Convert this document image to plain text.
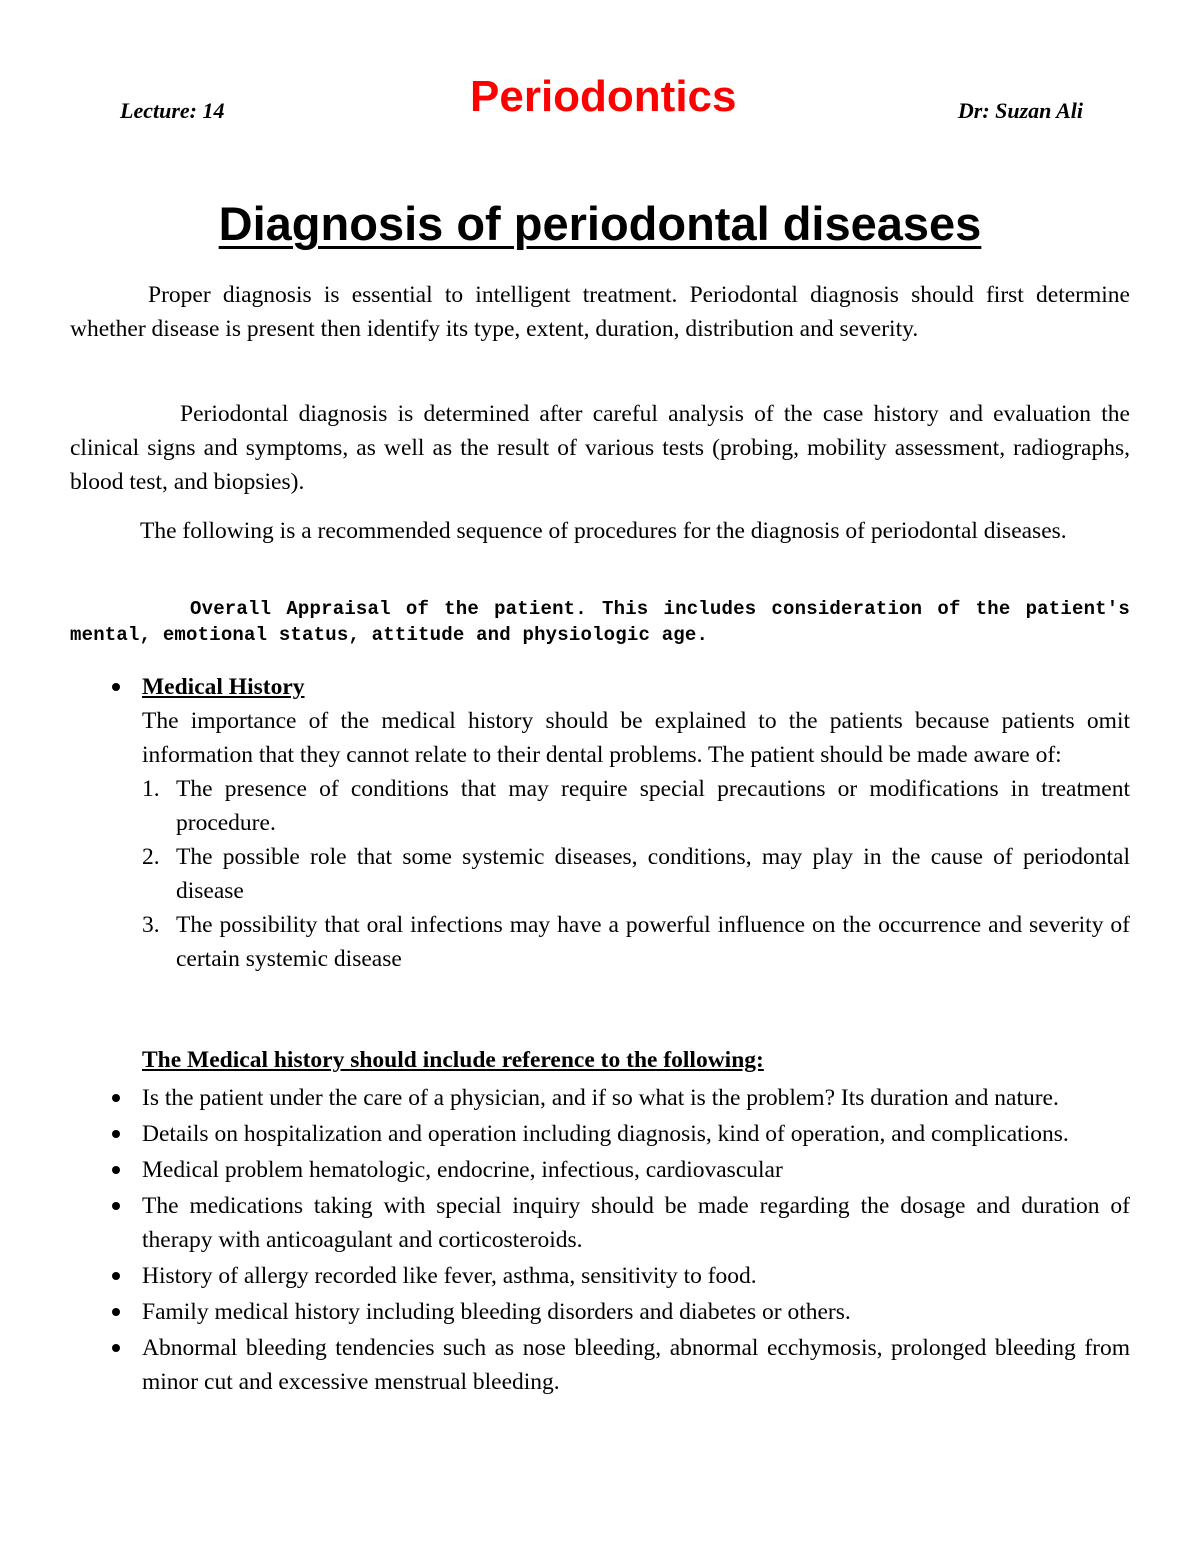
Lecture: 14	Periodontics	Dr: Suzan Ali
Diagnosis of periodontal diseases
Proper diagnosis is essential to intelligent treatment. Periodontal diagnosis should first determine whether disease is present then identify its type, extent, duration, distribution and severity.
Periodontal diagnosis is determined after careful analysis of the case history and evaluation the clinical signs and symptoms, as well as the result of various tests (probing, mobility assessment, radiographs, blood test, and biopsies).
The following is a recommended sequence of procedures for the diagnosis of periodontal diseases.
Overall Appraisal of the patient. This includes consideration of the patient's mental, emotional status, attitude and physiologic age.
Medical History
The importance of the medical history should be explained to the patients because patients omit information that they cannot relate to their dental problems. The patient should be made aware of:
1. The presence of conditions that may require special precautions or modifications in treatment procedure.
2. The possible role that some systemic diseases, conditions, may play in the cause of periodontal disease
3. The possibility that oral infections may have a powerful influence on the occurrence and severity of certain systemic disease
The Medical history should include reference to the following:
Is the patient under the care of a physician, and if so what is the problem? Its duration and nature.
Details on hospitalization and operation including diagnosis, kind of operation, and complications.
Medical problem hematologic, endocrine, infectious, cardiovascular
The medications taking with special inquiry should be made regarding the dosage and duration of therapy with anticoagulant and corticosteroids.
History of allergy recorded like fever, asthma, sensitivity to food.
Family medical history including bleeding disorders and diabetes or others.
Abnormal bleeding tendencies such as nose bleeding, abnormal ecchymosis, prolonged bleeding from minor cut and excessive menstrual bleeding.
